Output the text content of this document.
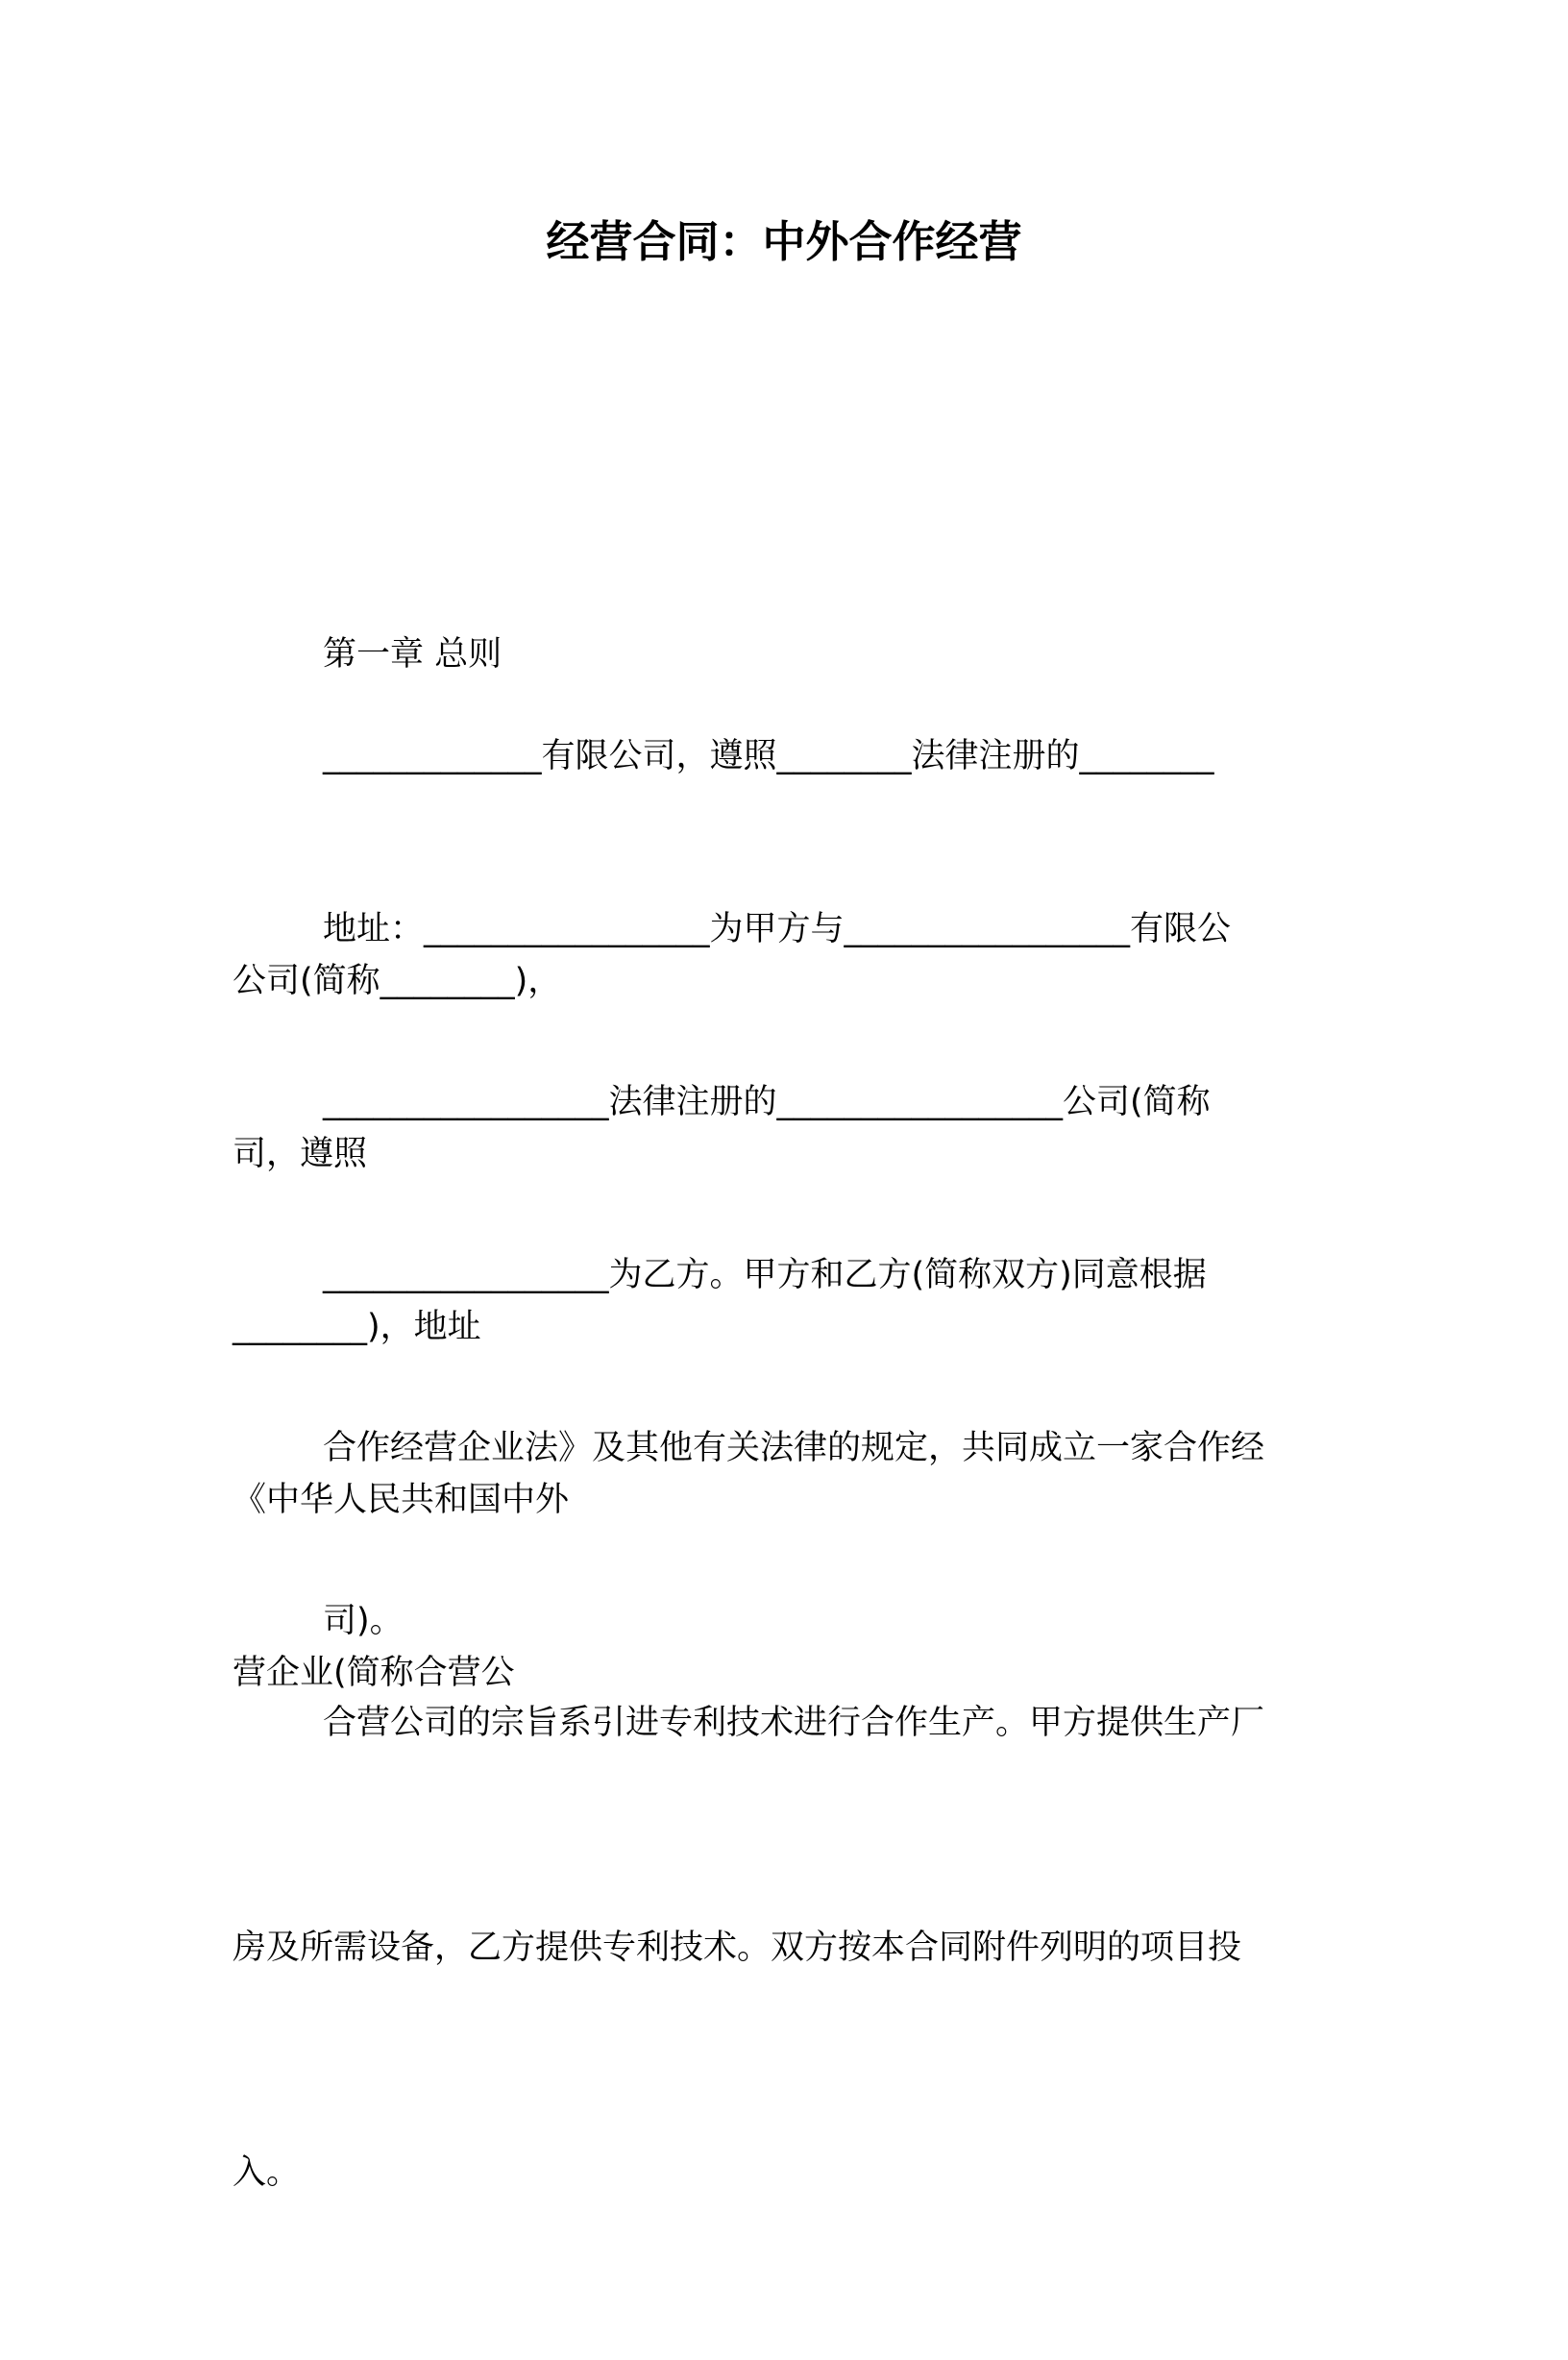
经营合同：中外合作经营

第一章 总则

_____________有限公司，遵照________法律注册的________

公司(简称________)，

地址：_________________为甲方与_________________有限公

司，遵照

_________________法律注册的_________________公司(简称

________)，地址

_________________为乙方。甲方和乙方(简称双方)同意根据

《中华人民共和国中外

合作经营企业法》及其他有关法律的规定，共同成立一家合作经

营企业(简称合营公

司)。

合营公司的宗旨系引进专利技术进行合作生产。甲方提供生产厂

房及所需设备，乙方提供专利技术。双方按本合同附件列明的项目投

入。
